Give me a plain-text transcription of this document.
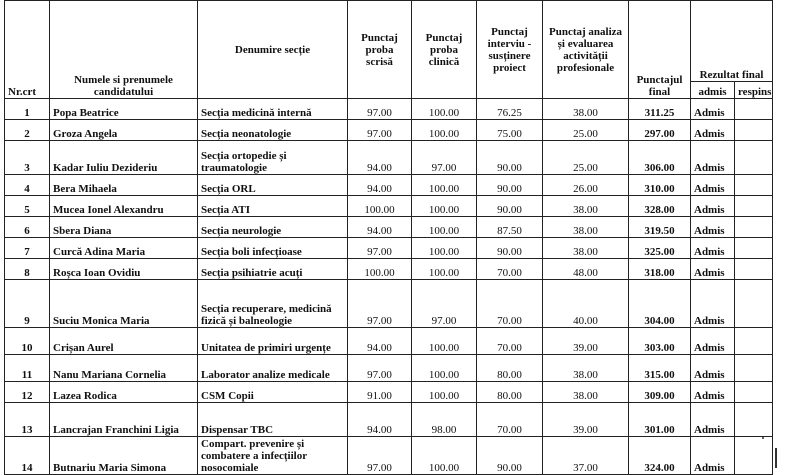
Nr.crt	Numele si prenumele candidatului	Denumire secție	Punctaj proba scrisă	Punctaj proba clinică	Punctaj interviu - susținere proiect	Punctaj analiza și evaluarea activității profesionale	Punctajul final	Rezultat final	
								admis	respins
1	Popa Beatrice	Secția medicină internă	97.00	100.00	76.25	38.00	311.25	Admis	
2	Groza Angela	Secția neonatologie	97.00	100.00	75.00	25.00	297.00	Admis	
3	Kadar Iuliu Dezideriu	Secția ortopedie și traumatologie	94.00	97.00	90.00	25.00	306.00	Admis	
4	Bera Mihaela	Secția ORL	94.00	100.00	90.00	26.00	310.00	Admis	
5	Mucea Ionel Alexandru	Secția ATI	100.00	100.00	90.00	38.00	328.00	Admis	
6	Sbera Diana	Secția neurologie	94.00	100.00	87.50	38.00	319.50	Admis	
7	Curcă Adina Maria	Secția boli infecțioase	97.00	100.00	90.00	38.00	325.00	Admis	
8	Roșca Ioan Ovidiu	Secția psihiatrie acuți	100.00	100.00	70.00	48.00	318.00	Admis	
9	Suciu Monica Maria	Secția recuperare, medicină fizică și balneologie	97.00	97.00	70.00	40.00	304.00	Admis	
10	Crișan Aurel	Unitatea de primiri urgențe	94.00	100.00	70.00	39.00	303.00	Admis	
11	Nanu Mariana Cornelia	Laborator analize medicale	97.00	100.00	80.00	38.00	315.00	Admis	
12	Lazea Rodica	CSM Copii	91.00	100.00	80.00	38.00	309.00	Admis	
13	Lancrajan Franchini Ligia	Dispensar TBC	94.00	98.00	70.00	39.00	301.00	Admis	
14	Butnariu Maria Simona	Compart. prevenire și combatere a infecțiilor nosocomiale	97.00	100.00	90.00	37.00	324.00	Admis	
